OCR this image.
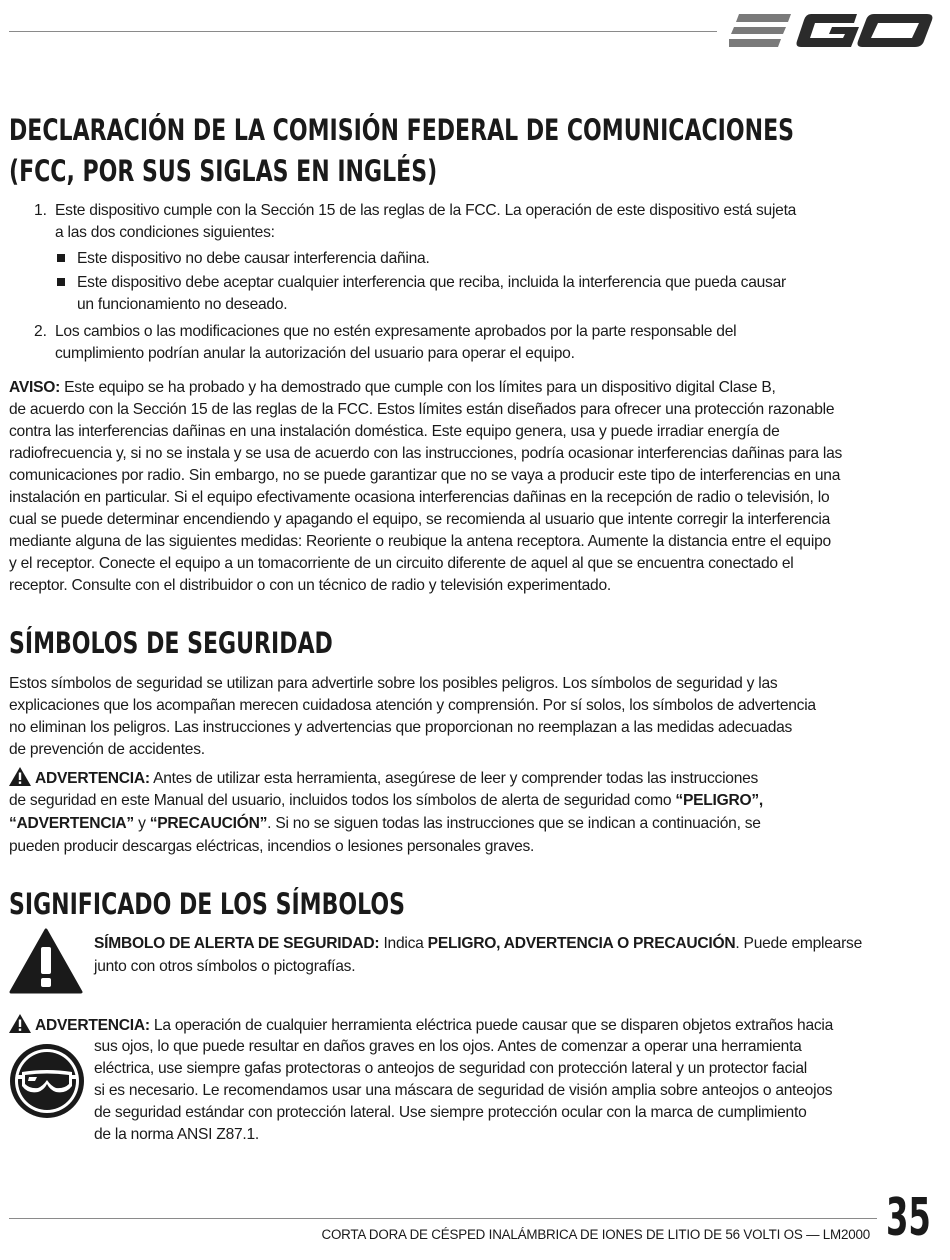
DECLARACIÓN DE LA COMISIÓN FEDERAL DE COMUNICACIONES
(FCC, POR SUS SIGLAS EN INGLÉS)
1. Este dispositivo cumple con la Sección 15 de las reglas de la FCC. La operación de este dispositivo está sujeta

a las dos condiciones siguientes:

Este dispositivo no debe causar interferencia dañina.

Este dispositivo debe aceptar cualquier interferencia que reciba, incluida la interferencia que pueda causar

un funcionamiento no deseado.

2. Los cambios o las modificaciones que no estén expresamente aprobados por la parte responsable del

cumplimiento podrían anular la autorización del usuario para operar el equipo.

AVISO: Este equipo se ha probado y ha demostrado que cumple con los límites para un dispositivo digital Clase B,

de acuerdo con la Sección 15 de las reglas de la FCC. Estos límites están diseñados para ofrecer una protección razonable

contra las interferencias dañinas en una instalación doméstica. Este equipo genera, usa y puede irradiar energía de

radiofrecuencia y, si no se instala y se usa de acuerdo con las instrucciones, podría ocasionar interferencias dañinas para las

comunicaciones por radio. Sin embargo, no se puede garantizar que no se vaya a producir este tipo de interferencias en una

instalación en particular. Si el equipo efectivamente ocasiona interferencias dañinas en la recepción de radio o televisión, lo

cual se puede determinar encendiendo y apagando el equipo, se recomienda al usuario que intente corregir la interferencia

mediante alguna de las siguientes medidas: Reoriente o reubique la antena receptora. Aumente la distancia entre el equipo

y el receptor. Conecte el equipo a un tomacorriente de un circuito diferente de aquel al que se encuentra conectado el

receptor. Consulte con el distribuidor o con un técnico de radio y televisión experimentado.

SÍMBOLOS DE SEGURIDAD

Estos símbolos de seguridad se utilizan para advertirle sobre los posibles peligros. Los símbolos de seguridad y las

explicaciones que los acompañan merecen cuidadosa atención y comprensión. Por sí solos, los símbolos de advertencia

no eliminan los peligros. Las instrucciones y advertencias que proporcionan no reemplazan a las medidas adecuadas

de prevención de accidentes.

ADVERTENCIA: Antes de utilizar esta herramienta, asegúrese de leer y comprender todas las instrucciones

de seguridad en este Manual del usuario, incluidos todos los símbolos de alerta de seguridad como “PELIGRO”,

“ADVERTENCIA” y “PRECAUCIÓN”. Si no se siguen todas las instrucciones que se indican a continuación, se

pueden producir descargas eléctricas, incendios o lesiones personales graves.

SIGNIFICADO DE LOS SÍMBOLOS

SÍMBOLO DE ALERTA DE SEGURIDAD: Indica PELIGRO, ADVERTENCIA O PRECAUCIÓN. Puede emplearse

junto con otros símbolos o pictografías.

ADVERTENCIA: La operación de cualquier herramienta eléctrica puede causar que se disparen objetos extraños hacia

sus ojos, lo que puede resultar en daños graves en los ojos. Antes de comenzar a operar una herramienta

eléctrica, use siempre gafas protectoras o anteojos de seguridad con protección lateral y un protector facial

si es necesario. Le recomendamos usar una máscara de seguridad de visión amplia sobre anteojos o anteojos

de seguridad estándar con protección lateral. Use siempre protección ocular con la marca de cumplimiento

de la norma ANSI Z87.1.

CORTA DORA DE CÉSPED INALÁMBRICA DE IONES DE LITIO DE 56 VOLTI OS — LM2000 35
